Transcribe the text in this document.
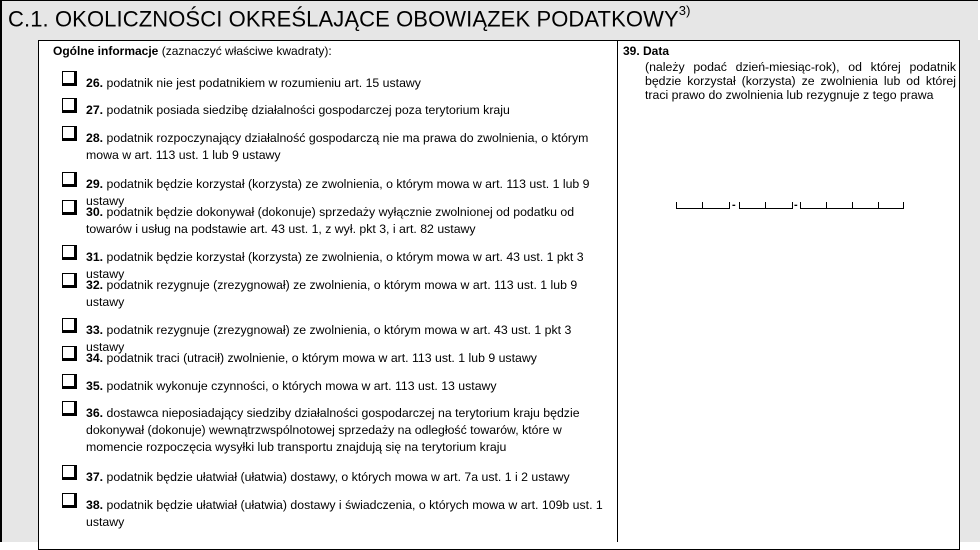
C.1. OKOLICZNOŚCI OKREŚLAJĄCE OBOWIĄZEK PODATKOWY$^{3)}$
Ogólne informacje (zaznaczyć właściwe kwadraty):
26. podatnik nie jest podatnikiem w rozumieniu art. 15 ustawy
27. podatnik posiada siedzibę działalności gospodarczej poza terytorium kraju
28. podatnik rozpoczynający działalność gospodarczą nie ma prawa do zwolnienia, o którym mowa w art. 113 ust. 1 lub 9 ustawy
29. podatnik będzie korzystał (korzysta) ze zwolnienia, o którym mowa w art. 113 ust. 1 lub 9 ustawy
30. podatnik będzie dokonywał (dokonuje) sprzedaży wyłącznie zwolnionej od podatku od towarów i usług na podstawie art. 43 ust. 1, z wył. pkt 3, i art. 82 ustawy
31. podatnik będzie korzystał (korzysta) ze zwolnienia, o którym mowa w art. 43 ust. 1 pkt 3 ustawy
32. podatnik rezygnuje (zrezygnował) ze zwolnienia, o którym mowa w art. 113 ust. 1 lub 9 ustawy
33. podatnik rezygnuje (zrezygnował) ze zwolnienia, o którym mowa w art. 43 ust. 1 pkt 3 ustawy
34. podatnik traci (utracił) zwolnienie, o którym mowa w art. 113 ust. 1 lub 9 ustawy
35. podatnik wykonuje czynności, o których mowa w art. 113 ust. 13 ustawy
36. dostawca nieposiadający siedziby działalności gospodarczej na terytorium kraju będzie dokonywał (dokonuje) wewnątrzwspólnotowej sprzedaży na odległość towarów, które w momencie rozpoczęcia wysyłki lub transportu znajdują się na terytorium kraju
37. podatnik będzie ułatwiał (ułatwia) dostawy, o których mowa w art. 7a ust. 1 i 2 ustawy
38. podatnik będzie ułatwiał (ułatwia) dostawy i świadczenia, o których mowa w art. 109b ust. 1 ustawy
39. Data
(należy podać dzień-miesiąc-rok), od której podatnik będzie korzystał (korzysta) ze zwolnienia lub od której traci prawo do zwolnienia lub rezygnuje z tego prawa
-	-
